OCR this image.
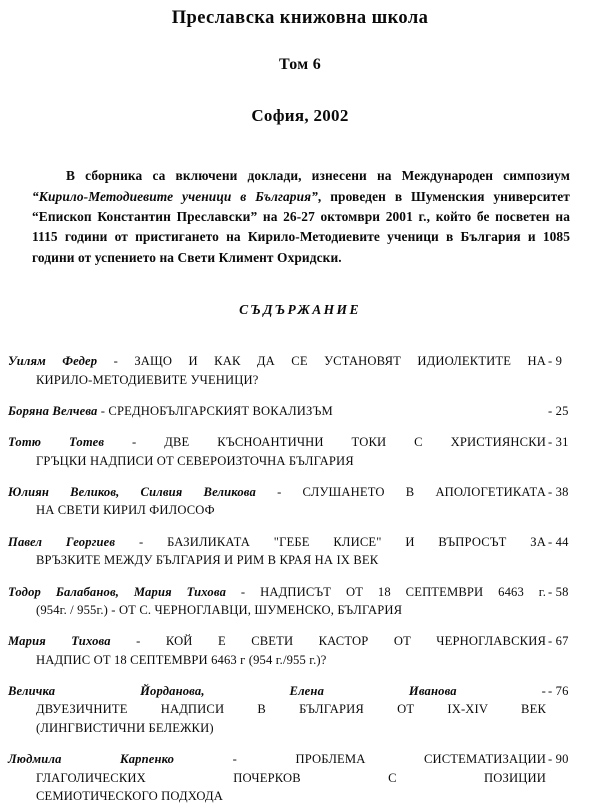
Преславска книжовна школа
Том 6
София, 2002
В сборника са включени доклади, изнесени на Международен симпозиум “Кирило-Методиевите ученици в България”, проведен в Шуменския университет “Епископ Константин Преславски” на 26-27 октомври 2001 г., който бе посветен на 1115 години от пристигането на Кирило-Методиевите ученици в България и 1085 години от успението на Свети Климент Охридски.
СЪДЪРЖАНИЕ
Уилям Федер - ЗАЩО И КАК ДА СЕ УСТАНОВЯТ ИДИОЛЕКТИТЕ НА
КИРИЛО-МЕТОДИЕВИТЕ УЧЕНИЦИ?
- 9
Боряна Велчева - СРЕДНОБЪЛГАРСКИЯТ ВОКАЛИЗЪМ	- 25
Тотю Тотев - ДВЕ КЪСНОАНТИЧНИ ТОКИ С ХРИСТИЯНСКИ
ГРЪЦКИ НАДПИСИ ОТ СЕВЕРОИЗТОЧНА БЪЛГАРИЯ
- 31
Юлиян Великов, Силвия Великова - СЛУШАНЕТО В АПОЛОГЕТИКАТА
НА СВЕТИ КИРИЛ ФИЛОСОФ
- 38
Павел Георгиев - БАЗИЛИКАТА "ГЕБЕ КЛИСЕ" И ВЪПРОСЪТ ЗА
ВРЪЗКИТЕ МЕЖДУ БЪЛГАРИЯ И РИМ В КРАЯ НА IX ВЕК
- 44
Тодор Балабанов, Мария Тихова - НАДПИСЪТ ОТ 18 СЕПТЕМВРИ 6463 г.
(954г. / 955г.) - ОТ С. ЧЕРНОГЛАВЦИ, ШУМЕНСКО, БЪЛГАРИЯ
- 58
Мария Тихова - КОЙ Е СВЕТИ КАСТОР ОТ ЧЕРНОГЛАВСКИЯ
НАДПИС ОТ 18 СЕПТЕМВРИ 6463 г (954 г./955 г.)?
- 67
Величка Йорданова, Елена Иванова -
ДВУЕЗИЧНИТЕ НАДПИСИ В БЪЛГАРИЯ ОТ IX-XIV ВЕК
(ЛИНГВИСТИЧНИ БЕЛЕЖКИ)
- 76
Людмила Карпенко - ПРОБЛЕМА СИСТЕМАТИЗАЦИИ
ГЛАГОЛИЧЕСКИХ ПОЧЕРКОВ С ПОЗИЦИИ
СЕМИОТИЧЕСКОГО ПОДХОДА
- 90
